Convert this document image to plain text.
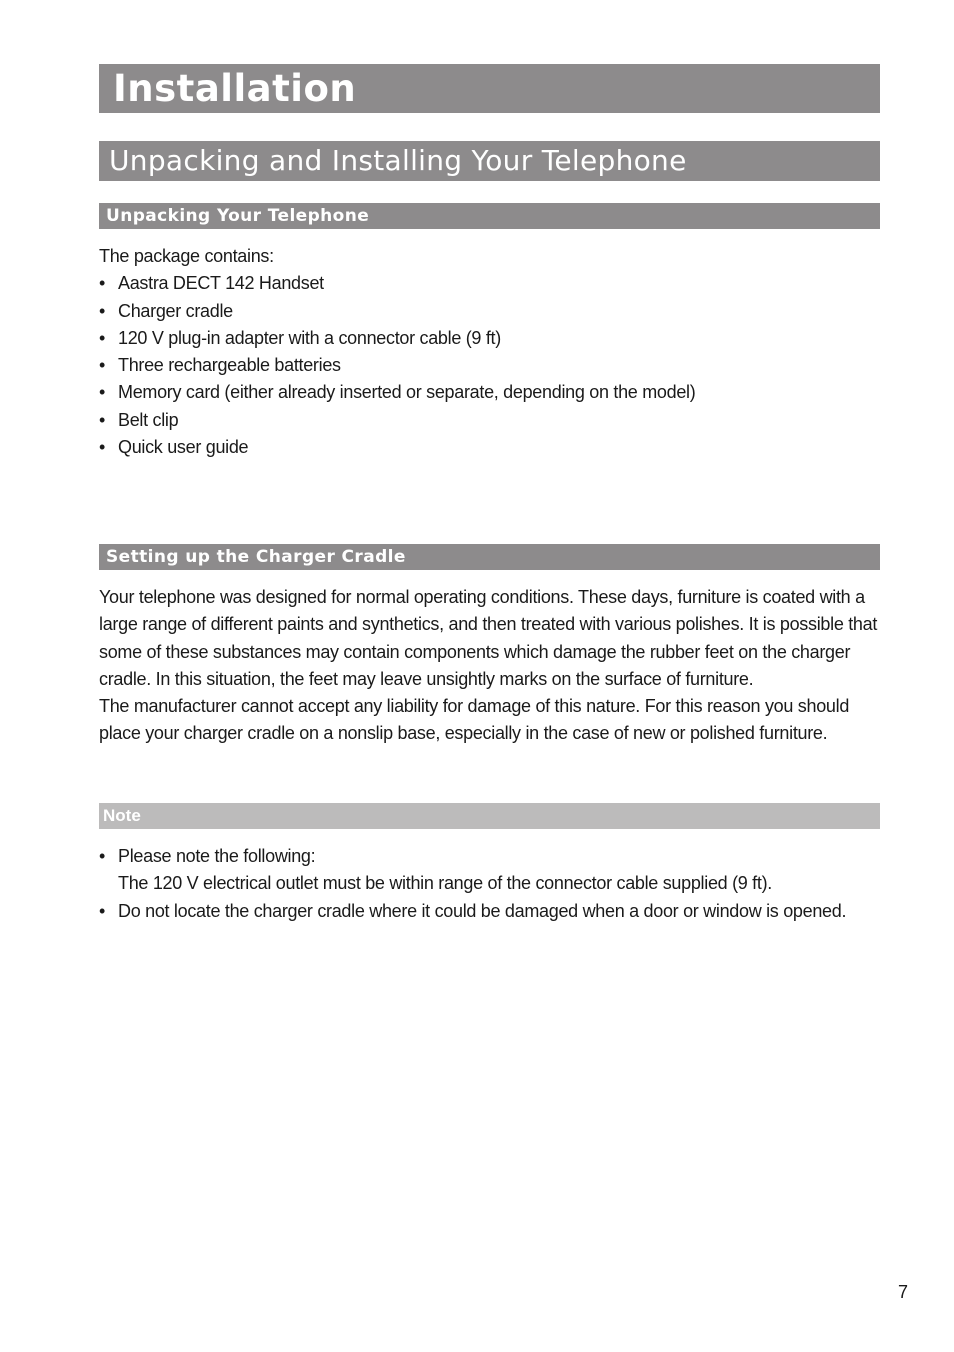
Installation
Unpacking and Installing Your Telephone
Unpacking Your Telephone

The package contains:

• Aastra DECT 142 Handset
• Charger cradle
• 120 V plug-in adapter with a connector cable (9 ft)
• Three rechargeable batteries
• Memory card (either already inserted or separate, depending on the model)
• Belt clip
• Quick user guide
Setting up the Charger Cradle

Your telephone was designed for normal operating conditions. These days, furniture is coated with a large range of different paints and synthetics, and then treated with various polishes. It is possible that some of these substances may contain components which damage the rubber feet on the charger cradle. In this situation, the feet may leave unsightly marks on the surface of furniture.

The manufacturer cannot accept any liability for damage of this nature. For this reason you should place your charger cradle on a nonslip base, especially in the case of new or polished furniture.

Note
• Please note the following:
The 120 V electrical outlet must be within range of the connector cable supplied (9 ft).
• Do not locate the charger cradle where it could be damaged when a door or window is opened.
7
